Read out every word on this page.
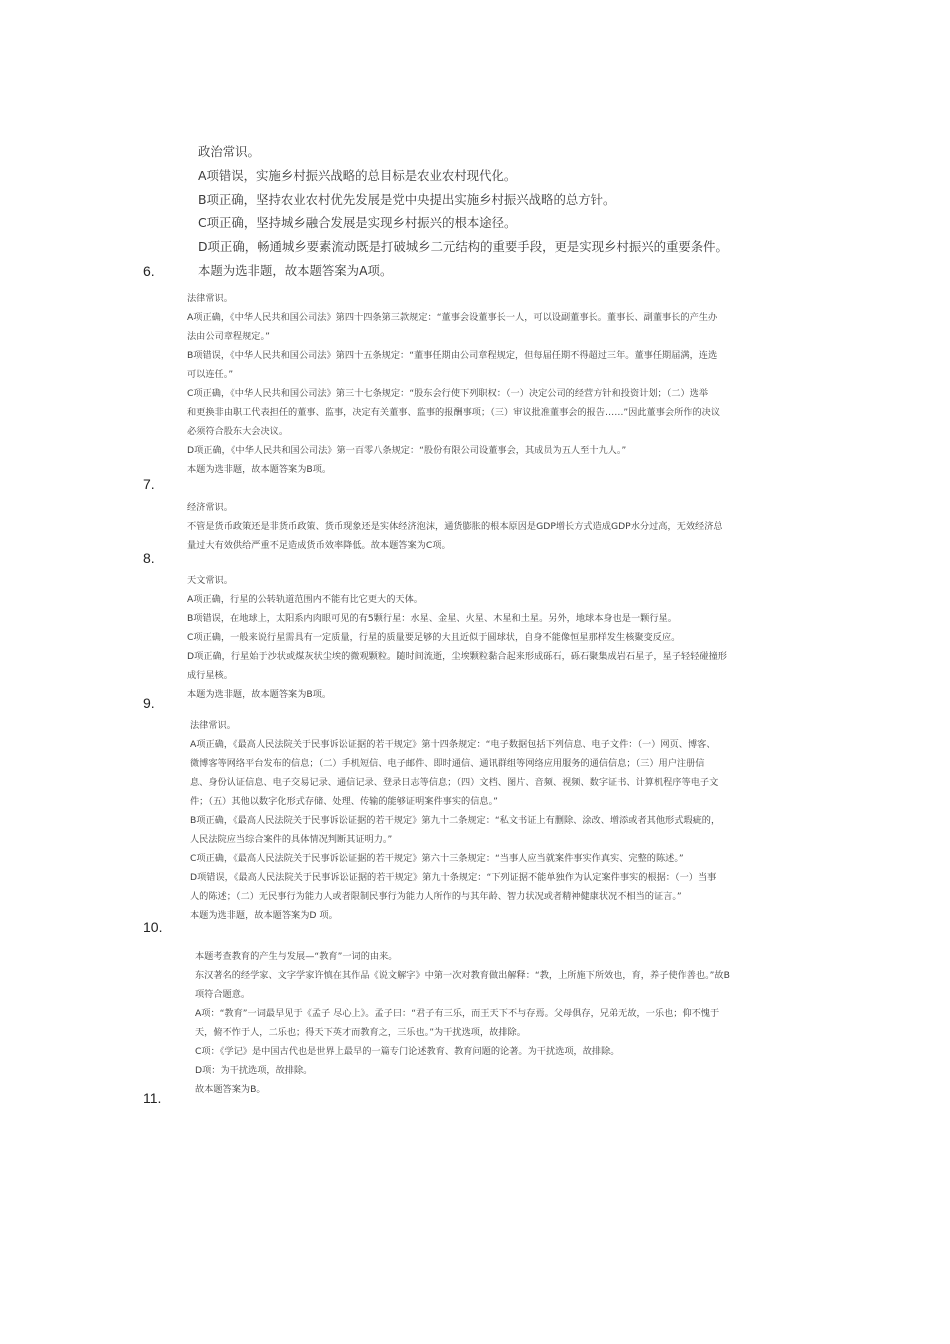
政治常识。

A项错误，实施乡村振兴战略的总目标是农业农村现代化。

B项正确，坚持农业农村优先发展是党中央提出实施乡村振兴战略的总方针。

C项正确，坚持城乡融合发展是实现乡村振兴的根本途径。

D项正确，畅通城乡要素流动既是打破城乡二元结构的重要手段，更是实现乡村振兴的重要条件。

本题为选非题，故本题答案为A项。

6.

法律常识。

A项正确，《中华人民共和国公司法》第四十四条第三款规定：“董事会设董事长一人，可以设副董事长。董事长、副董事长的产生办

法由公司章程规定。”

B项错误，《中华人民共和国公司法》第四十五条规定：“董事任期由公司章程规定，但每届任期不得超过三年。董事任期届满，连选

可以连任。”

C项正确，《中华人民共和国公司法》第三十七条规定：“股东会行使下列职权：（一）决定公司的经营方针和投资计划；（二）选举

和更换非由职工代表担任的董事、监事，决定有关董事、监事的报酬事项；（三）审议批准董事会的报告……”因此董事会所作的决议

必须符合股东大会决议。

D项正确，《中华人民共和国公司法》第一百零八条规定：“股份有限公司设董事会，其成员为五人至十九人。”

本题为选非题，故本题答案为B项。

7.

经济常识。

不管是货币政策还是非货币政策、货币现象还是实体经济泡沫，通货膨胀的根本原因是GDP增长方式造成GDP水分过高，无效经济总

量过大有效供给严重不足造成货币效率降低。故本题答案为C项。

8.

天文常识。

A项正确，行星的公转轨道范围内不能有比它更大的天体。

B项错误，在地球上，太阳系内肉眼可见的有5颗行星：水星、金星、火星、木星和土星。另外，地球本身也是一颗行星。

C项正确，一般来说行星需具有一定质量，行星的质量要足够的大且近似于圆球状，自身不能像恒星那样发生核聚变反应。

D项正确，行星始于沙状或煤灰状尘埃的微观颗粒。随时间流逝，尘埃颗粒黏合起来形成砾石，砾石聚集成岩石星子，星子轻轻碰撞形

成行星核。

本题为选非题，故本题答案为B项。

9.

法律常识。

A项正确，《最高人民法院关于民事诉讼证据的若干规定》第十四条规定：“电子数据包括下列信息、电子文件：（一）网页、博客、

微博客等网络平台发布的信息；（二）手机短信、电子邮件、即时通信、通讯群组等网络应用服务的通信信息；（三）用户注册信

息、身份认证信息、电子交易记录、通信记录、登录日志等信息；（四）文档、图片、音频、视频、数字证书、计算机程序等电子文

件；（五）其他以数字化形式存储、处理、传输的能够证明案件事实的信息。”

B项正确，《最高人民法院关于民事诉讼证据的若干规定》第九十二条规定：“私文书证上有删除、涂改、增添或者其他形式瑕疵的，

人民法院应当综合案件的具体情况判断其证明力。”

C项正确，《最高人民法院关于民事诉讼证据的若干规定》第六十三条规定：“当事人应当就案件事实作真实、完整的陈述。”

D项错误，《最高人民法院关于民事诉讼证据的若干规定》第九十条规定：“下列证据不能单独作为认定案件事实的根据：（一）当事

人的陈述；（二）无民事行为能力人或者限制民事行为能力人所作的与其年龄、智力状况或者精神健康状况不相当的证言。”

本题为选非题，故本题答案为D 项。

10.

本题考查教育的产生与发展—“教育”一词的由来。

东汉著名的经学家、文字学家许慎在其作品《说文解字》中第一次对教育做出解释：“教，上所施下所效也，育，养子使作善也。”故B

项符合题意。

A项：“教育”一词最早见于《孟子 尽心上》。孟子曰：“君子有三乐，而王天下不与存焉。父母俱存，兄弟无故，一乐也；仰不愧于

天，俯不怍于人，二乐也；得天下英才而教育之，三乐也。”为干扰选项，故排除。

C项：《学记》是中国古代也是世界上最早的一篇专门论述教育、教育问题的论著。为干扰选项，故排除。

D项：为干扰选项，故排除。

故本题答案为B。

11.
